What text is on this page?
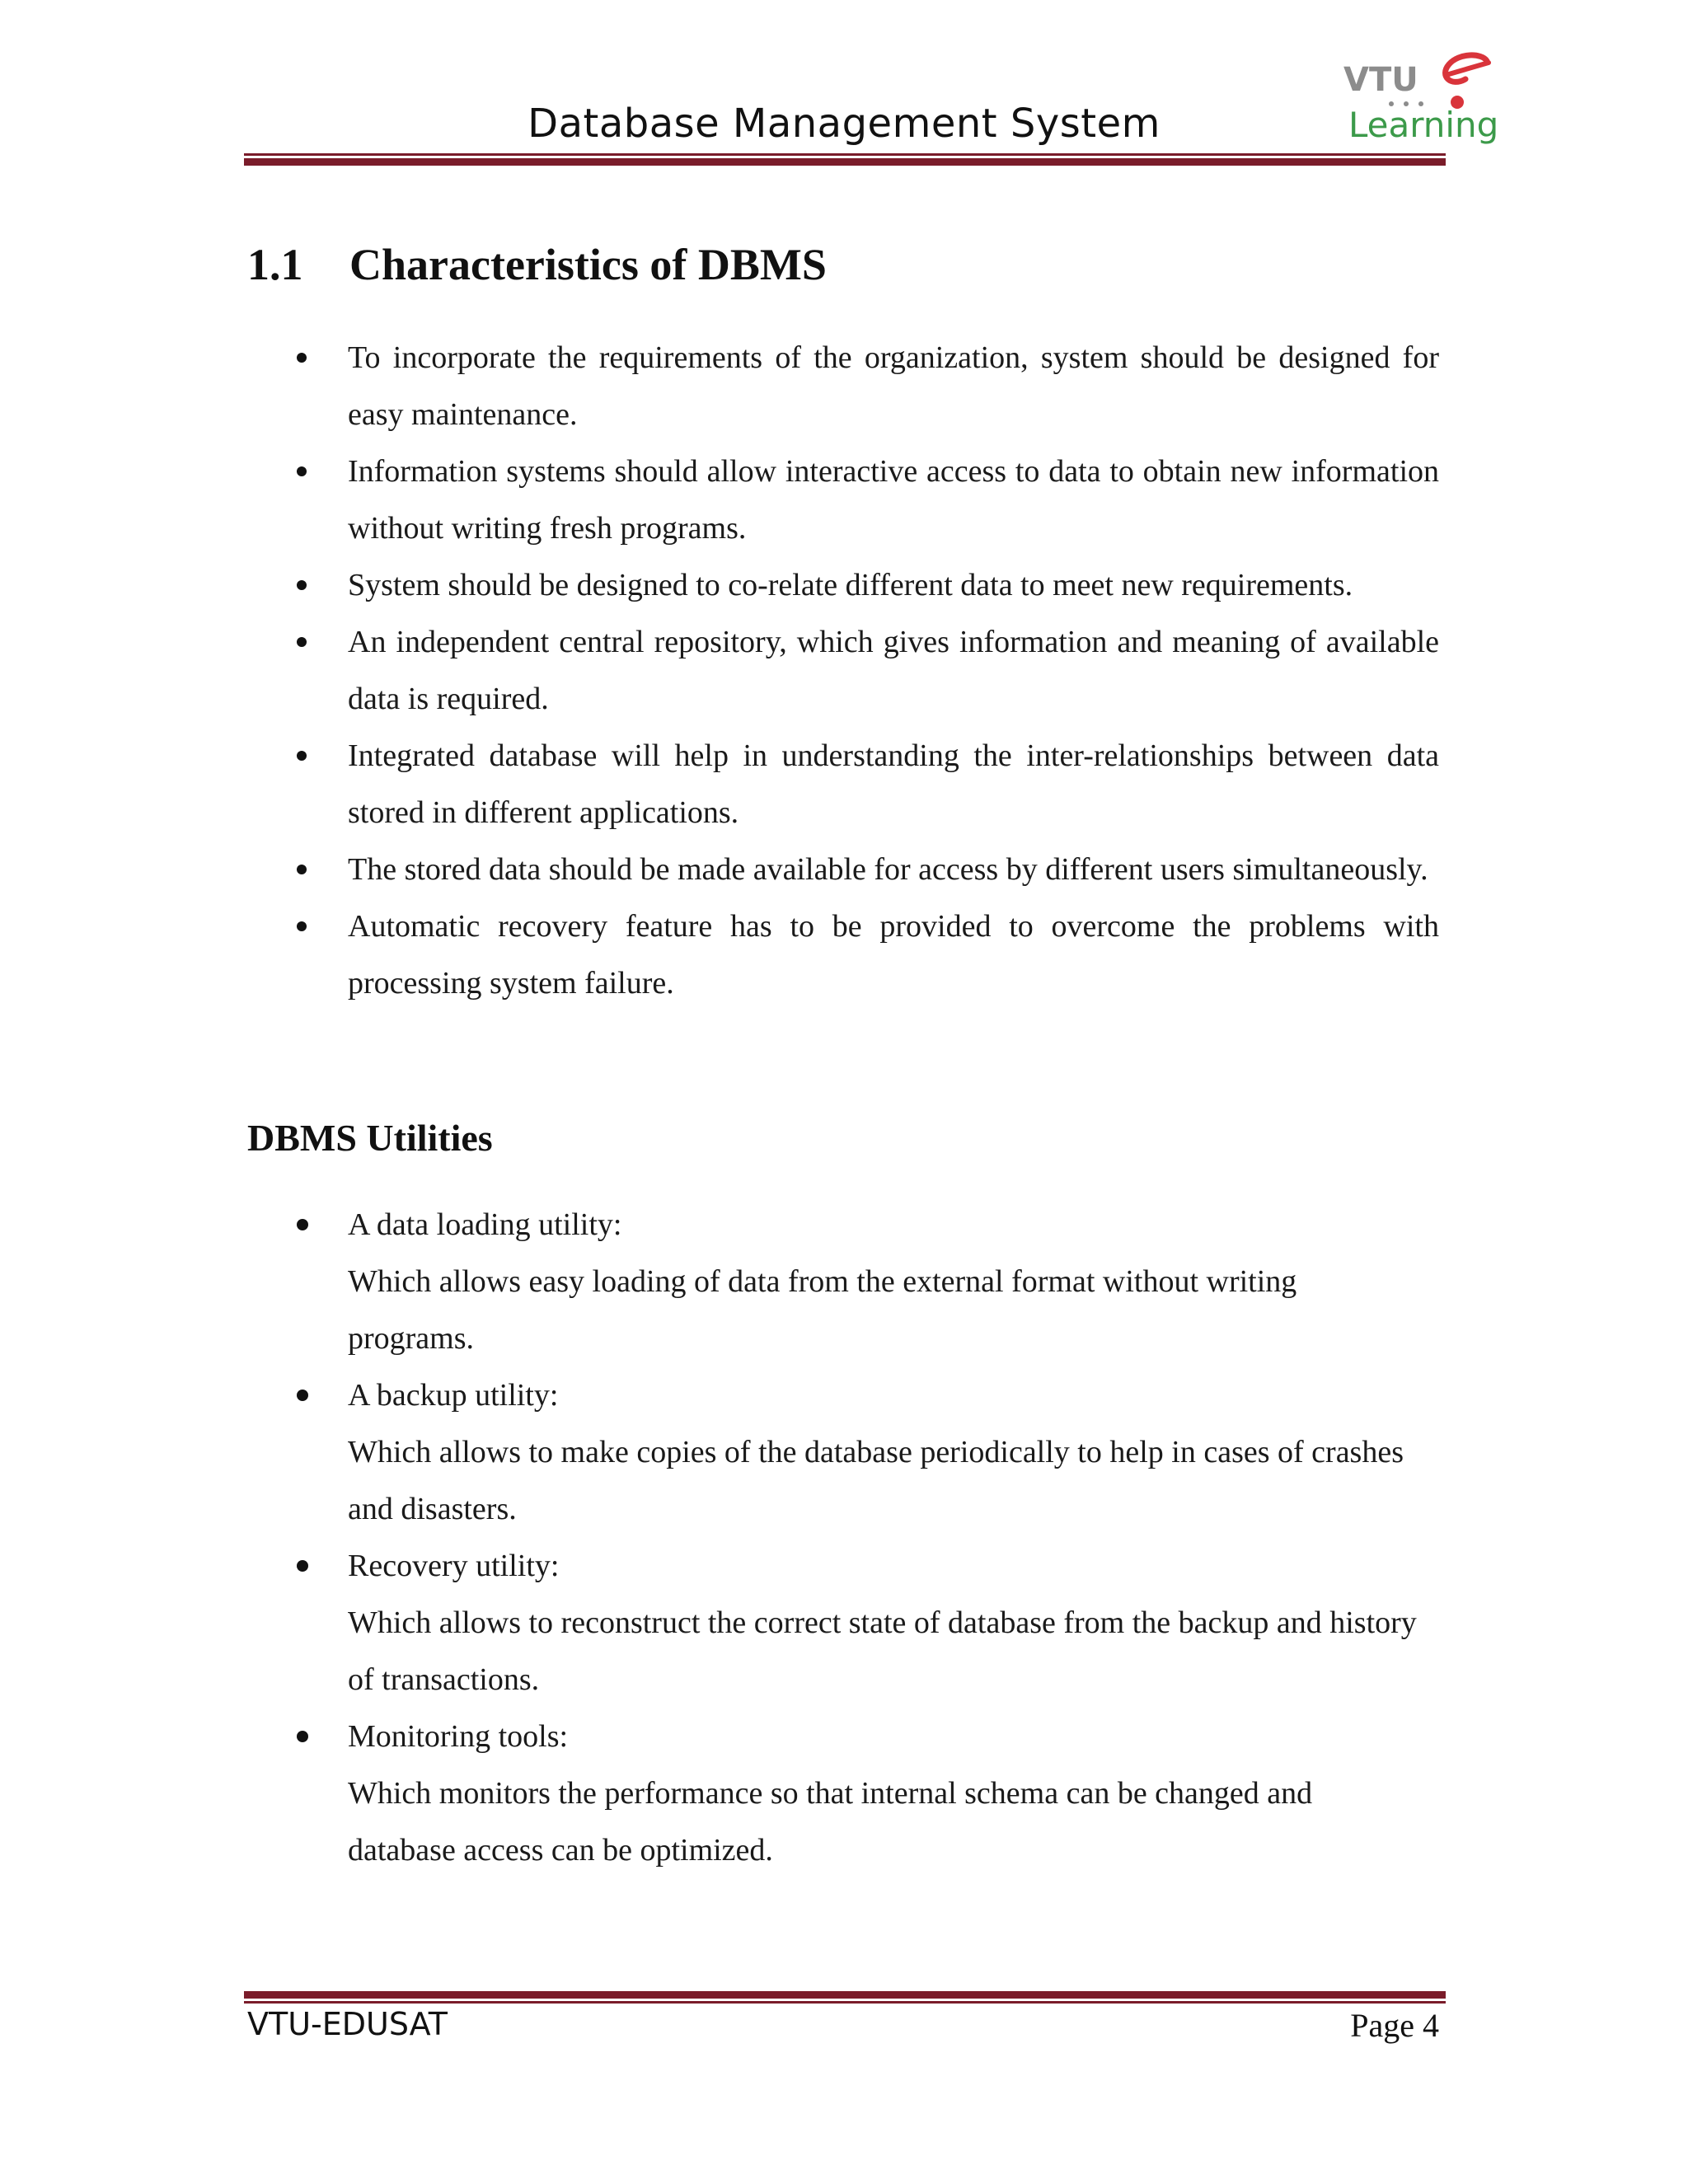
Database Management System
VTU
Learning
1.1 Characteristics of DBMS
To incorporate the requirements of the organization, system should be designed for easy maintenance.
Information systems should allow interactive access to data to obtain new information without writing fresh programs.
System should be designed to co-relate different data to meet new requirements.
An independent central repository, which gives information and meaning of available data is required.
Integrated database will help in understanding the inter-relationships between data stored in different applications.
The stored data should be made available for access by different users simultaneously.
Automatic recovery feature has to be provided to overcome the problems with processing system failure.
DBMS Utilities
A data loading utility:
Which allows easy loading of data from the external format without writing programs.
A backup utility:
Which allows to make copies of the database periodically to help in cases of crashes and disasters.
Recovery utility:
Which allows to reconstruct the correct state of database from the backup and history of transactions.
Monitoring tools:
Which monitors the performance so that internal schema can be changed and database access can be optimized.
VTU-EDUSAT	Page 4
